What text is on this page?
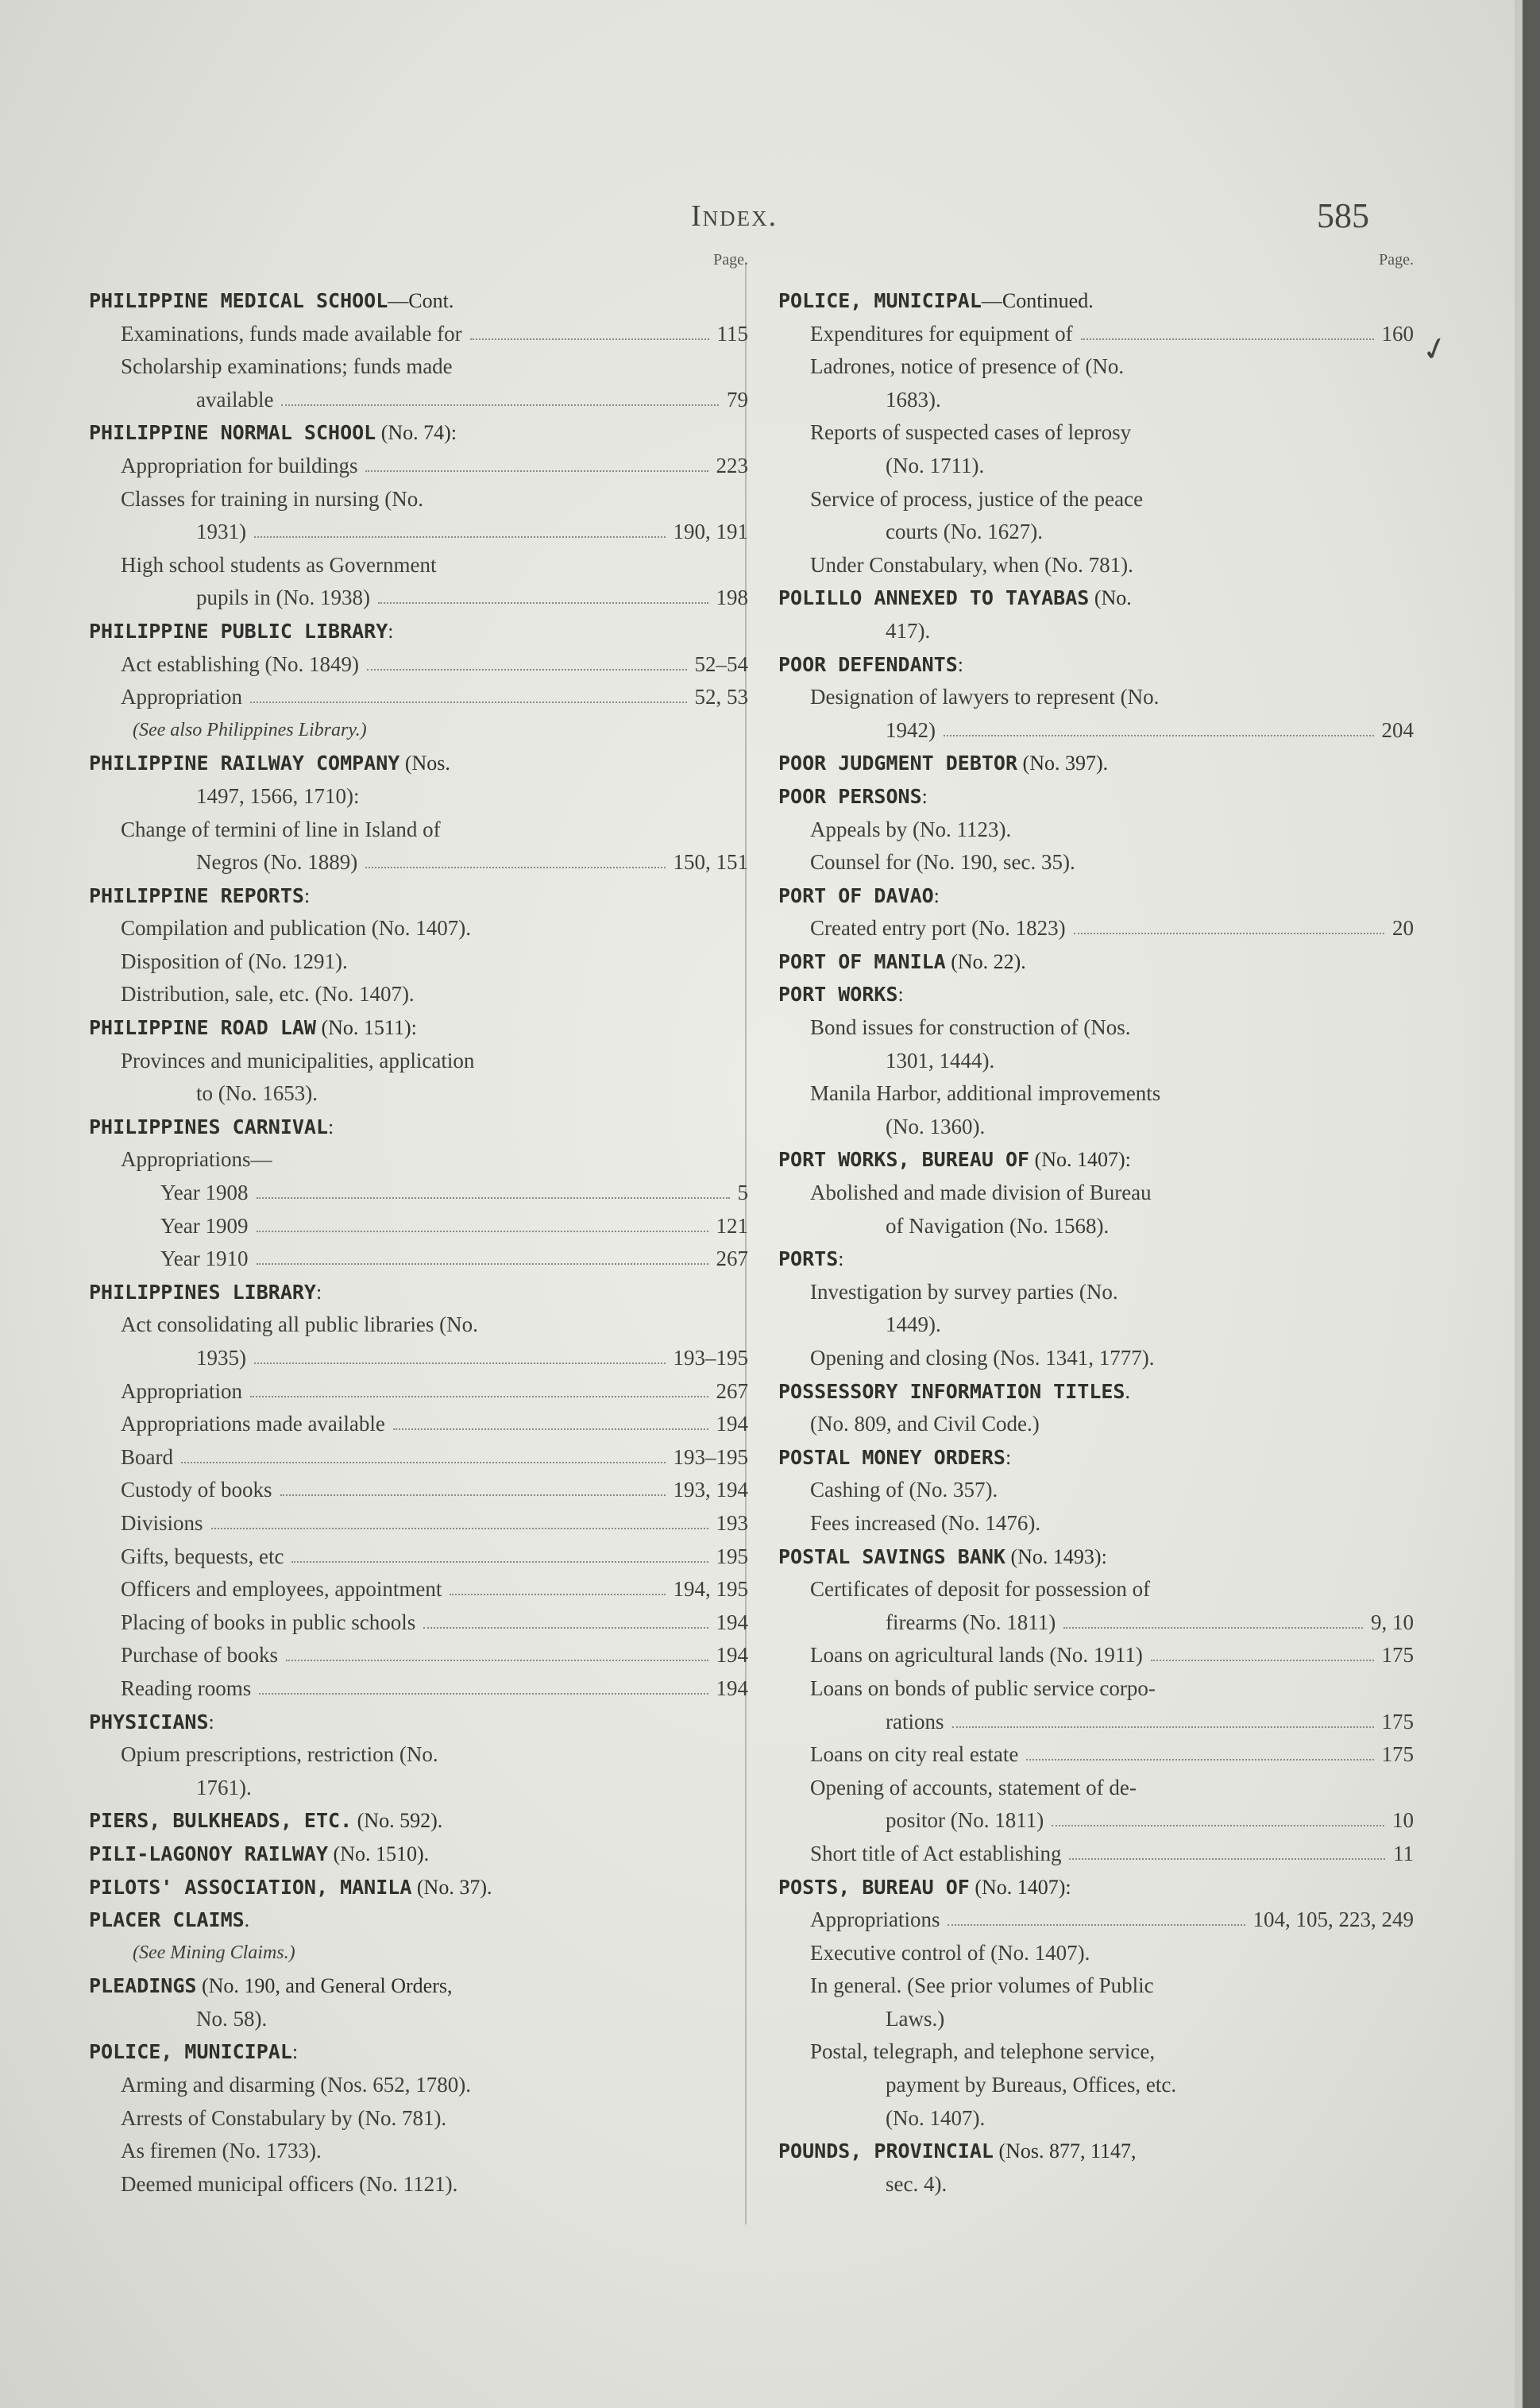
Index.	585
Page.
PHILIPPINE MEDICAL SCHOOL—Cont.
Examinations, funds made available for	115
Scholarship examinations; funds made
available	79
PHILIPPINE NORMAL SCHOOL (No. 74):
Appropriation for buildings	223
Classes for training in nursing (No.
1931)	190, 191
High school students as Government
pupils in (No. 1938)	198
PHILIPPINE PUBLIC LIBRARY:
Act establishing (No. 1849)	52–54
Appropriation	52, 53
(See also Philippines Library.)
PHILIPPINE RAILWAY COMPANY (Nos.
1497, 1566, 1710):
Change of termini of line in Island of
Negros (No. 1889)	150, 151
PHILIPPINE REPORTS:
Compilation and publication (No. 1407).
Disposition of (No. 1291).
Distribution, sale, etc. (No. 1407).
PHILIPPINE ROAD LAW (No. 1511):
Provinces and municipalities, application
to (No. 1653).
PHILIPPINES CARNIVAL:
Appropriations—
Year 1908	5
Year 1909	121
Year 1910	267
PHILIPPINES LIBRARY:
Act consolidating all public libraries (No.
1935)	193–195
Appropriation	267
Appropriations made available	194
Board	193–195
Custody of books	193, 194
Divisions	193
Gifts, bequests, etc	195
Officers and employees, appointment	194, 195
Placing of books in public schools	194
Purchase of books	194
Reading rooms	194
PHYSICIANS:
Opium prescriptions, restriction (No.
1761).
PIERS, BULKHEADS, ETC. (No. 592).
PILI-LAGONOY RAILWAY (No. 1510).
PILOTS' ASSOCIATION, MANILA (No. 37).
PLACER CLAIMS.
(See Mining Claims.)
PLEADINGS (No. 190, and General Orders,
No. 58).
POLICE, MUNICIPAL:
Arming and disarming (Nos. 652, 1780).
Arrests of Constabulary by (No. 781).
As firemen (No. 1733).
Deemed municipal officers (No. 1121).
Page.
POLICE, MUNICIPAL—Continued.
Expenditures for equipment of	160
Ladrones, notice of presence of (No.
1683).
Reports of suspected cases of leprosy
(No. 1711).
Service of process, justice of the peace
courts (No. 1627).
Under Constabulary, when (No. 781).
POLILLO ANNEXED TO TAYABAS (No.
417).
POOR DEFENDANTS:
Designation of lawyers to represent (No.
1942)	204
POOR JUDGMENT DEBTOR (No. 397).
POOR PERSONS:
Appeals by (No. 1123).
Counsel for (No. 190, sec. 35).
PORT OF DAVAO:
Created entry port (No. 1823)	20
PORT OF MANILA (No. 22).
PORT WORKS:
Bond issues for construction of (Nos.
1301, 1444).
Manila Harbor, additional improvements
(No. 1360).
PORT WORKS, BUREAU OF (No. 1407):
Abolished and made division of Bureau
of Navigation (No. 1568).
PORTS:
Investigation by survey parties (No.
1449).
Opening and closing (Nos. 1341, 1777).
POSSESSORY INFORMATION TITLES.
(No. 809, and Civil Code.)
POSTAL MONEY ORDERS:
Cashing of (No. 357).
Fees increased (No. 1476).
POSTAL SAVINGS BANK (No. 1493):
Certificates of deposit for possession of
firearms (No. 1811)	9, 10
Loans on agricultural lands (No. 1911)	175
Loans on bonds of public service corpo-
rations	175
Loans on city real estate	175
Opening of accounts, statement of de-
positor (No. 1811)	10
Short title of Act establishing	11
POSTS, BUREAU OF (No. 1407):
Appropriations	104, 105, 223, 249
Executive control of (No. 1407).
In general. (See prior volumes of Public
Laws.)
Postal, telegraph, and telephone service,
payment by Bureaus, Offices, etc.
(No. 1407).
POUNDS, PROVINCIAL (Nos. 877, 1147,
sec. 4).
✓
